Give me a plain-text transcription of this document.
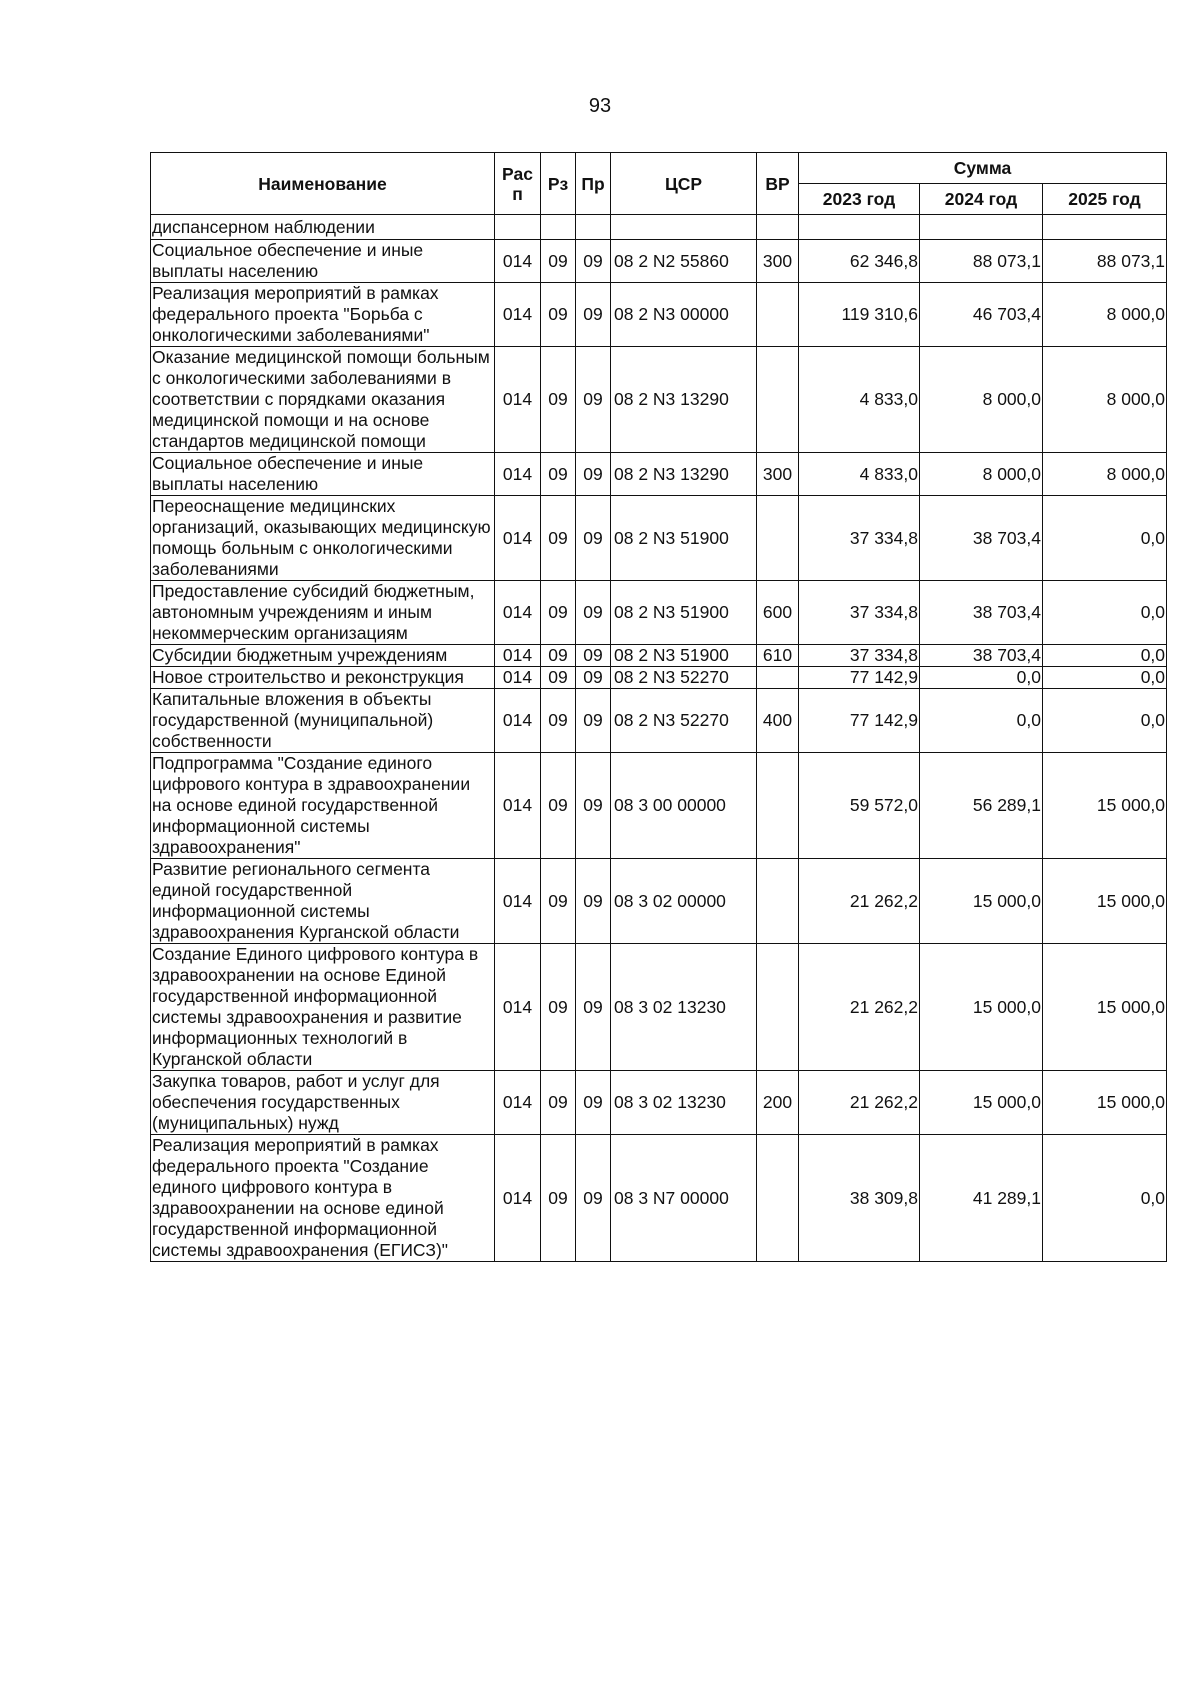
93
Наименование	Рас п	Рз	Пр	ЦСР	ВР	Сумма		
						2023 год	2024 год	2025 год
диспансерном наблюдении								
Социальное обеспечение и иные выплаты населению	014	09	09	08 2 N2 55860	300	62 346,8	88 073,1	88 073,1
Реализация мероприятий в рамках федерального проекта "Борьба с онкологическими заболеваниями"	014	09	09	08 2 N3 00000		119 310,6	46 703,4	8 000,0
Оказание медицинской помощи больным с онкологическими заболеваниями в соответствии с порядками оказания медицинской помощи и на основе стандартов медицинской помощи	014	09	09	08 2 N3 13290		4 833,0	8 000,0	8 000,0
Социальное обеспечение и иные выплаты населению	014	09	09	08 2 N3 13290	300	4 833,0	8 000,0	8 000,0
Переоснащение медицинских организаций, оказывающих медицинскую помощь больным с онкологическими заболеваниями	014	09	09	08 2 N3 51900		37 334,8	38 703,4	0,0
Предоставление субсидий бюджетным, автономным учреждениям и иным некоммерческим организациям	014	09	09	08 2 N3 51900	600	37 334,8	38 703,4	0,0
Субсидии бюджетным учреждениям	014	09	09	08 2 N3 51900	610	37 334,8	38 703,4	0,0
Новое строительство и реконструкция	014	09	09	08 2 N3 52270		77 142,9	0,0	0,0
Капитальные вложения в объекты государственной (муниципальной) собственности	014	09	09	08 2 N3 52270	400	77 142,9	0,0	0,0
Подпрограмма "Создание единого цифрового контура в здравоохранении на основе единой государственной информационной системы здравоохранения"	014	09	09	08 3 00 00000		59 572,0	56 289,1	15 000,0
Развитие регионального сегмента единой государственной информационной системы здравоохранения Курганской области	014	09	09	08 3 02 00000		21 262,2	15 000,0	15 000,0
Создание Единого цифрового контура в здравоохранении на основе Единой государственной информационной системы здравоохранения и развитие информационных технологий в Курганской области	014	09	09	08 3 02 13230		21 262,2	15 000,0	15 000,0
Закупка товаров, работ и услуг для обеспечения государственных (муниципальных) нужд	014	09	09	08 3 02 13230	200	21 262,2	15 000,0	15 000,0
Реализация мероприятий в рамках федерального проекта "Создание единого цифрового контура в здравоохранении на основе единой государственной информационной системы здравоохранения (ЕГИСЗ)"	014	09	09	08 3 N7 00000		38 309,8	41 289,1	0,0
